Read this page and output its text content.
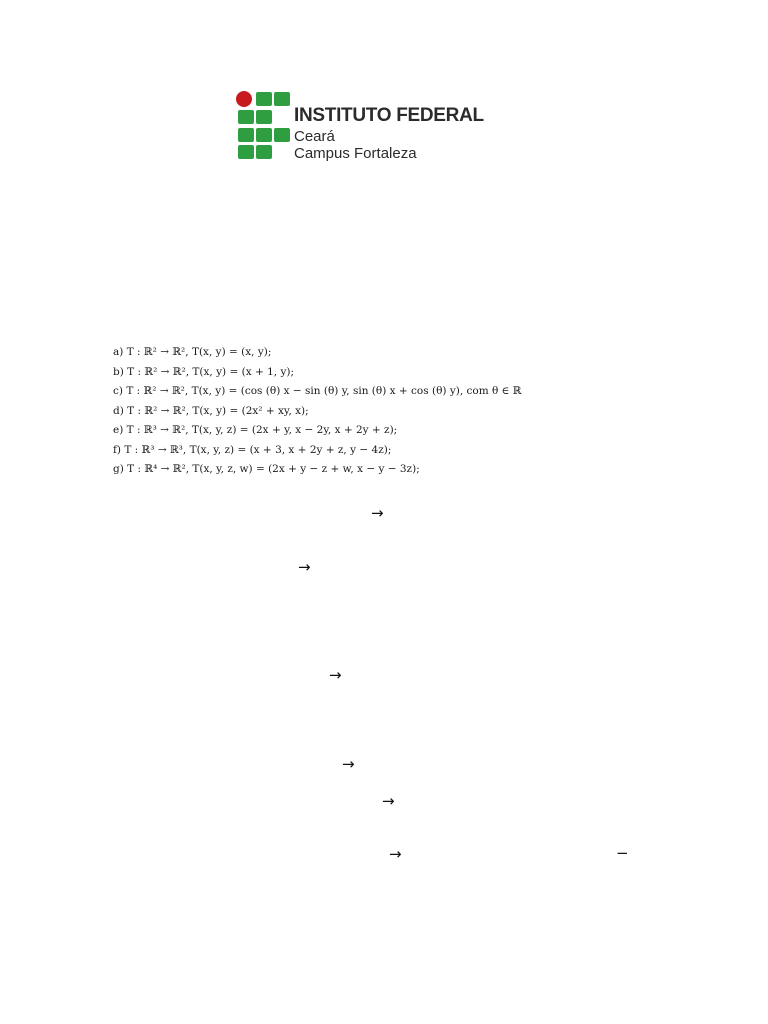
INSTITUTO FEDERAL
Ceará
Campus Fortaleza
a) T : ℝ² → ℝ², T(x, y) = (x, y);
b) T : ℝ² → ℝ², T(x, y) = (x + 1, y);
c) T : ℝ² → ℝ², T(x, y) = (cos (θ) x − sin (θ) y, sin (θ) x + cos (θ) y), com θ ∈ ℝ
d) T : ℝ² → ℝ², T(x, y) = (2x² + xy, x);
e) T : ℝ³ → ℝ², T(x, y, z) = (2x + y, x − 2y, x + 2y + z);
f) T : ℝ³ → ℝ³, T(x, y, z) = (x + 3, x + 2y + z, y − 4z);
g) T : ℝ⁴ → ℝ², T(x, y, z, w) = (2x + y − z + w, x − y − 3z);
→
→
→
→
→
→	−
